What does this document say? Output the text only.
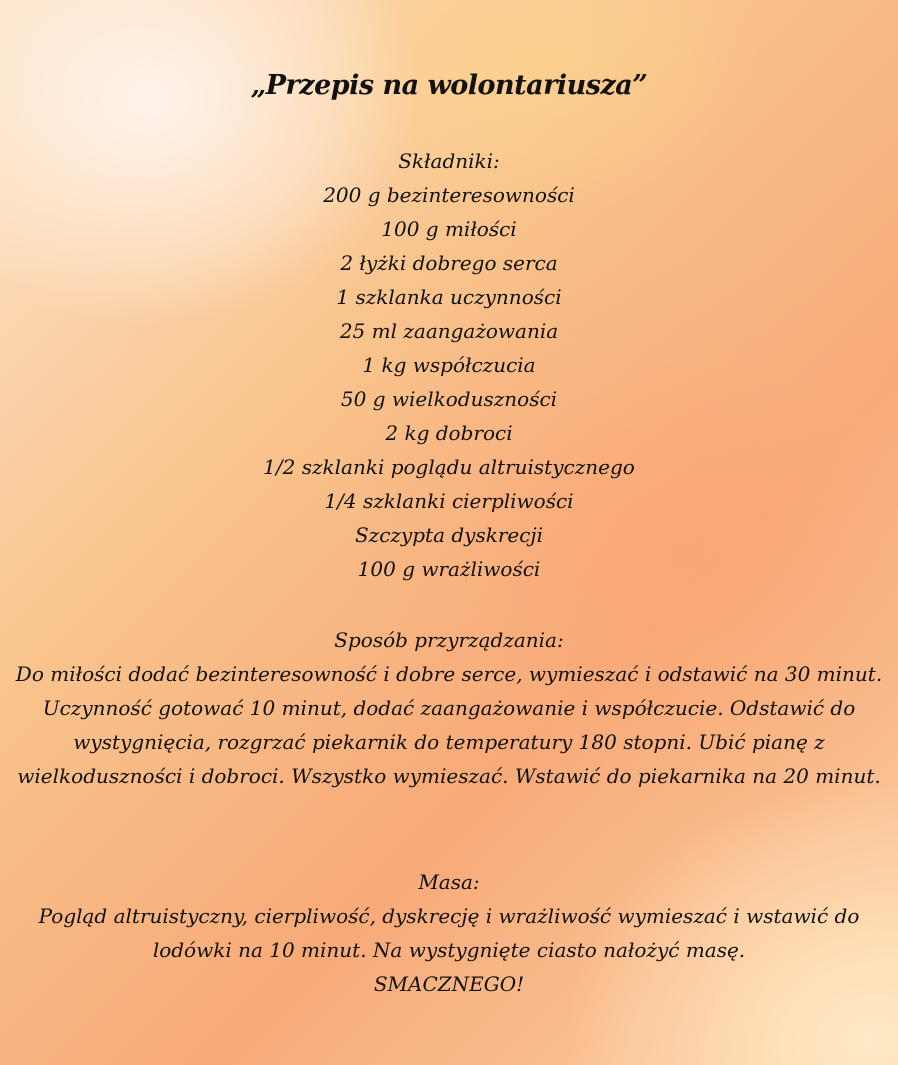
„Przepis na wolontariusza”
Składniki:
200 g bezinteresowności
100 g miłości
2 łyżki dobrego serca
1 szklanka uczynności
25 ml zaangażowania
1 kg współczucia
50 g wielkoduszności
2 kg dobroci
1/2 szklanki poglądu altruistycznego
1/4 szklanki cierpliwości
Szczypta dyskrecji
100 g wrażliwości
Sposób przyrządzania:

Do miłości dodać bezinteresowność i dobre serce, wymieszać i odstawić na 30 minut. Uczynność gotować 10 minut, dodać zaangażowanie i współczucie. Odstawić do wystygnięcia, rozgrzać piekarnik do temperatury 180 stopni. Ubić pianę z wielkoduszności i dobroci. Wszystko wymieszać. Wstawić do piekarnika na 20 minut.

Masa:

Pogląd altruistyczny, cierpliwość, dyskrecję i wrażliwość wymieszać i wstawić do lodówki na 10 minut. Na wystygnięte ciasto nałożyć masę.

SMACZNEGO!
